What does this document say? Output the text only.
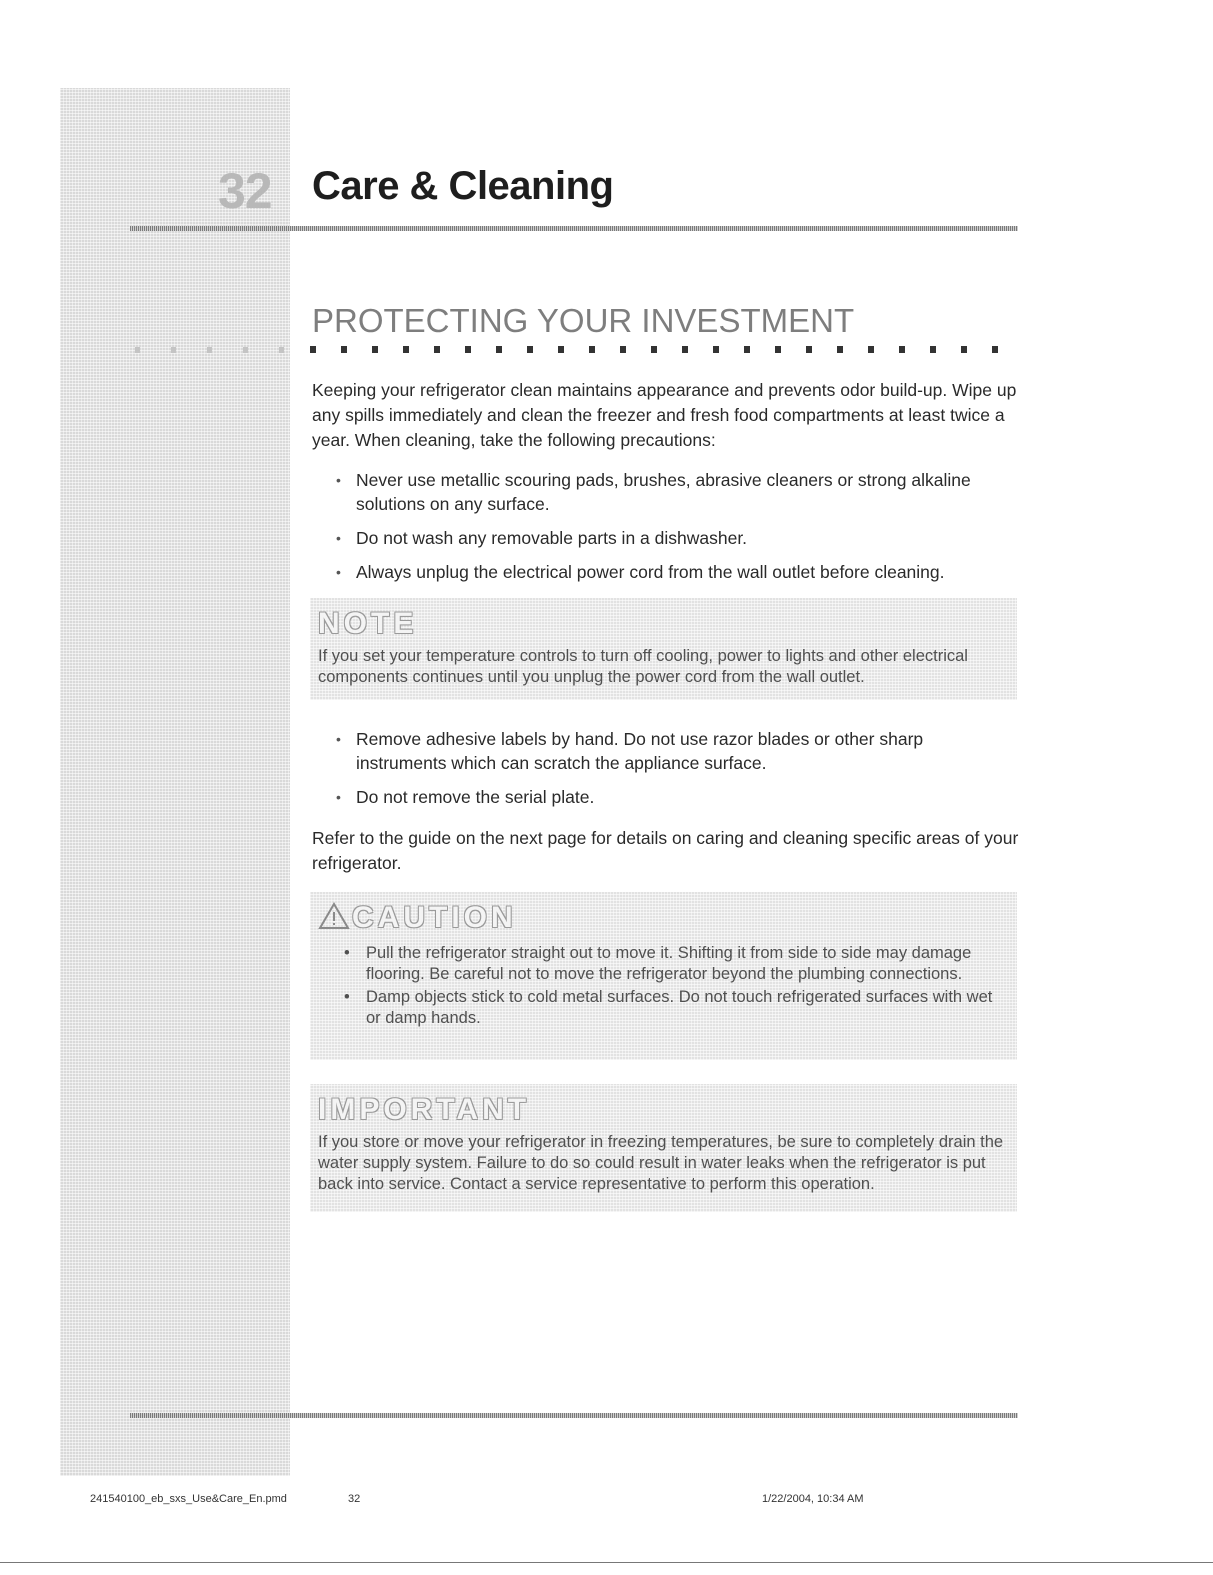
32	Care & Cleaning
PROTECTING YOUR INVESTMENT

Keeping your refrigerator clean maintains appearance and prevents odor build-up. Wipe up any spills immediately and clean the freezer and fresh food compartments at least twice a year. When cleaning, take the following precautions:

• Never use metallic scouring pads, brushes, abrasive cleaners or strong alkaline solutions on any surface.
• Do not wash any removable parts in a dishwasher.
• Always unplug the electrical power cord from the wall outlet before cleaning.
NOTE

If you set your temperature controls to turn off cooling, power to lights and other electrical components continues until you unplug the power cord from the wall outlet.

• Remove adhesive labels by hand. Do not use razor blades or other sharp instruments which can scratch the appliance surface.
• Do not remove the serial plate.

Refer to the guide on the next page for details on caring and cleaning specific areas of your refrigerator.

CAUTION
• Pull the refrigerator straight out to move it. Shifting it from side to side may damage flooring. Be careful not to move the refrigerator beyond the plumbing connections.
• Damp objects stick to cold metal surfaces. Do not touch refrigerated surfaces with wet or damp hands.
IMPORTANT

If you store or move your refrigerator in freezing temperatures, be sure to completely drain the water supply system. Failure to do so could result in water leaks when the refrigerator is put back into service. Contact a service representative to perform this operation.

241540100_eb_sxs_Use&Care_En.pmd	32	1/22/2004, 10:34 AM
